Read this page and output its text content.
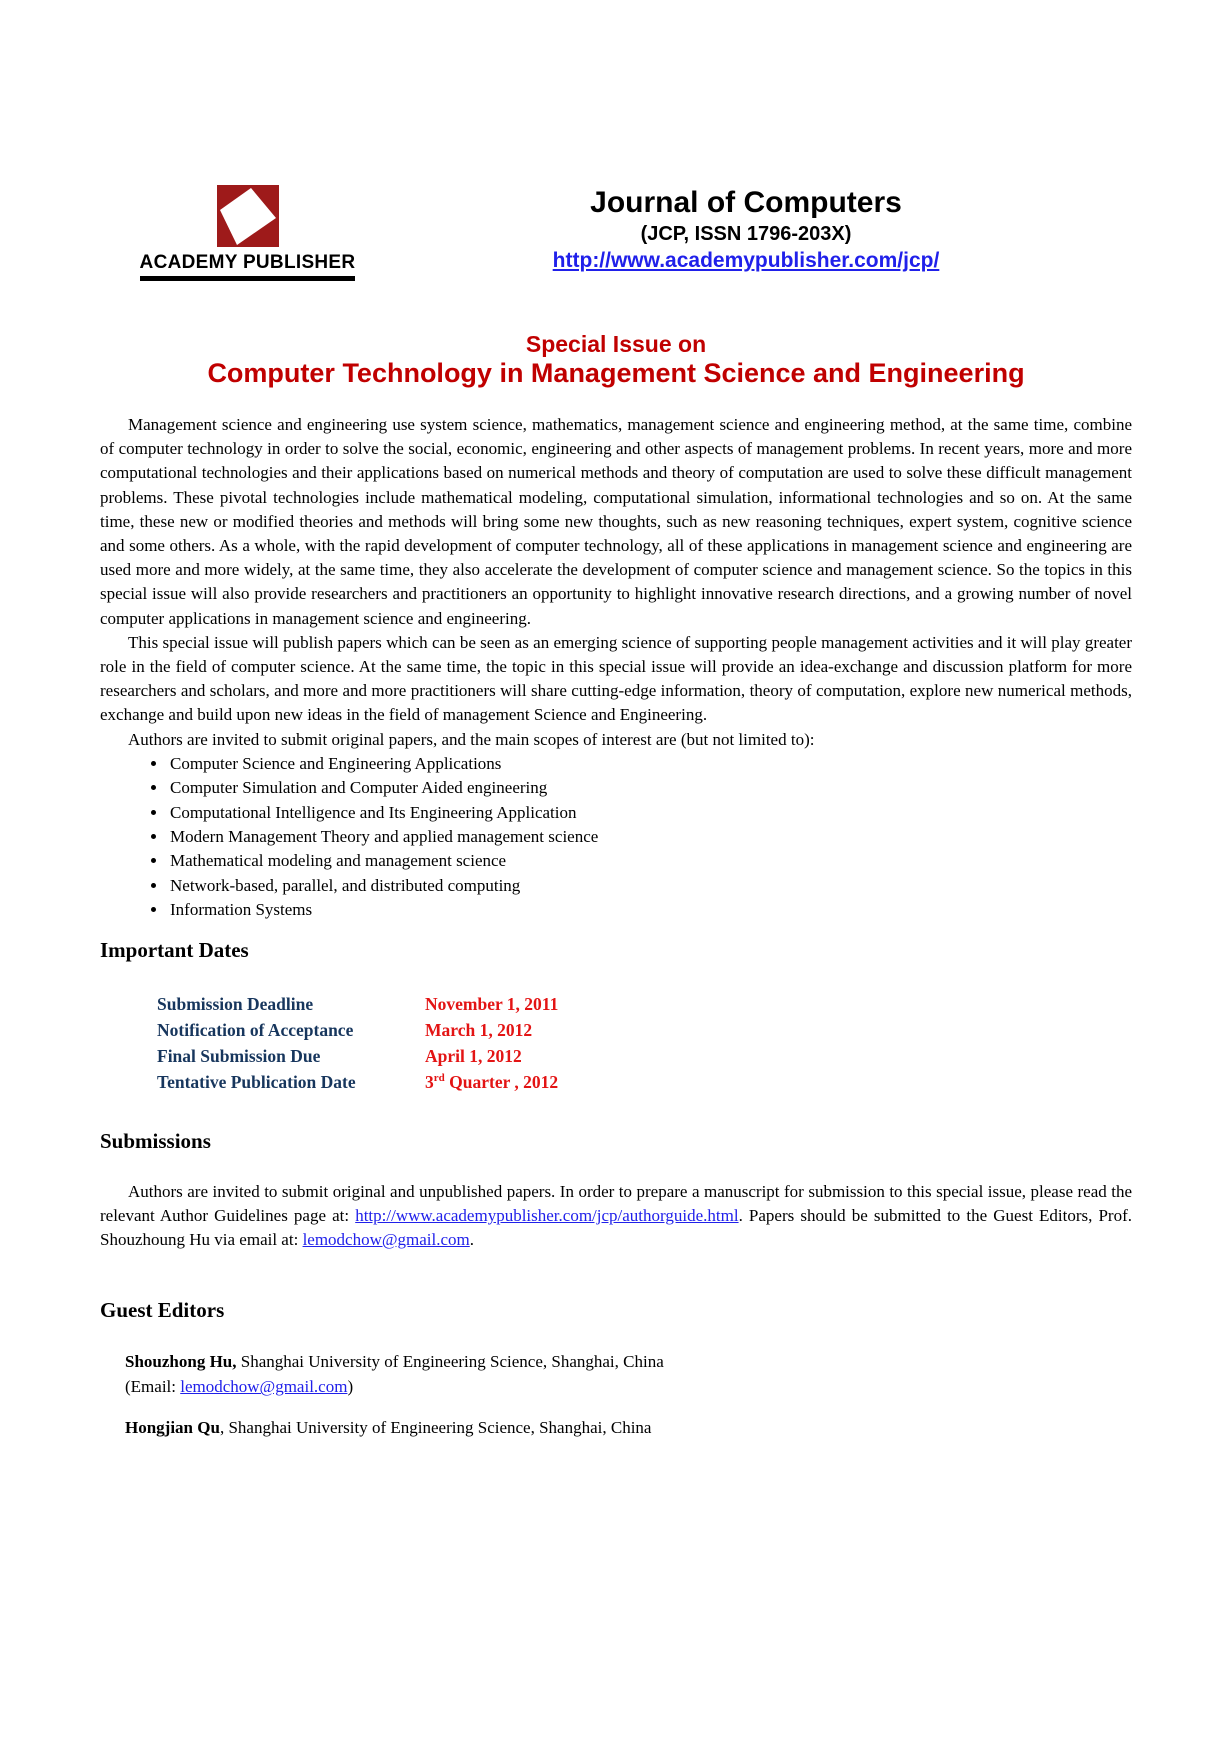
ACADEMY PUBLISHER
Journal of Computers
(JCP, ISSN 1796-203X)
http://www.academypublisher.com/jcp/
Special Issue on
Computer Technology in Management Science and Engineering

Management science and engineering use system science, mathematics, management science and engineering method, at the same time, combine of computer technology in order to solve the social, economic, engineering and other aspects of management problems. In recent years, more and more computational technologies and their applications based on numerical methods and theory of computation are used to solve these difficult management problems. These pivotal technologies include mathematical modeling, computational simulation, informational technologies and so on. At the same time, these new or modified theories and methods will bring some new thoughts, such as new reasoning techniques, expert system, cognitive science and some others. As a whole, with the rapid development of computer technology, all of these applications in management science and engineering are used more and more widely, at the same time, they also accelerate the development of computer science and management science. So the topics in this special issue will also provide researchers and practitioners an opportunity to highlight innovative research directions, and a growing number of novel computer applications in management science and engineering.

This special issue will publish papers which can be seen as an emerging science of supporting people management activities and it will play greater role in the field of computer science. At the same time, the topic in this special issue will provide an idea-exchange and discussion platform for more researchers and scholars, and more and more practitioners will share cutting-edge information, theory of computation, explore new numerical methods, exchange and build upon new ideas in the field of management Science and Engineering.

Authors are invited to submit original papers, and the main scopes of interest are (but not limited to):

• Computer Science and Engineering Applications
• Computer Simulation and Computer Aided engineering
• Computational Intelligence and Its Engineering Application
• Modern Management Theory and applied management science
• Mathematical modeling and management science
• Network-based, parallel, and distributed computing
• Information Systems
Important Dates
Submission Deadline	November 1, 2011
Notification of Acceptance	March 1, 2012
Final Submission Due	April 1, 2012
Tentative Publication Date	3rd Quarter , 2012
Submissions

Authors are invited to submit original and unpublished papers. In order to prepare a manuscript for submission to this special issue, please read the relevant Author Guidelines page at: http://www.academypublisher.com/jcp/authorguide.html. Papers should be submitted to the Guest Editors, Prof. Shouzhoung Hu via email at: lemodchow@gmail.com.

Guest Editors
Shouzhong Hu, Shanghai University of Engineering Science, Shanghai, China
(Email: lemodchow@gmail.com)
Hongjian Qu, Shanghai University of Engineering Science, Shanghai, China
